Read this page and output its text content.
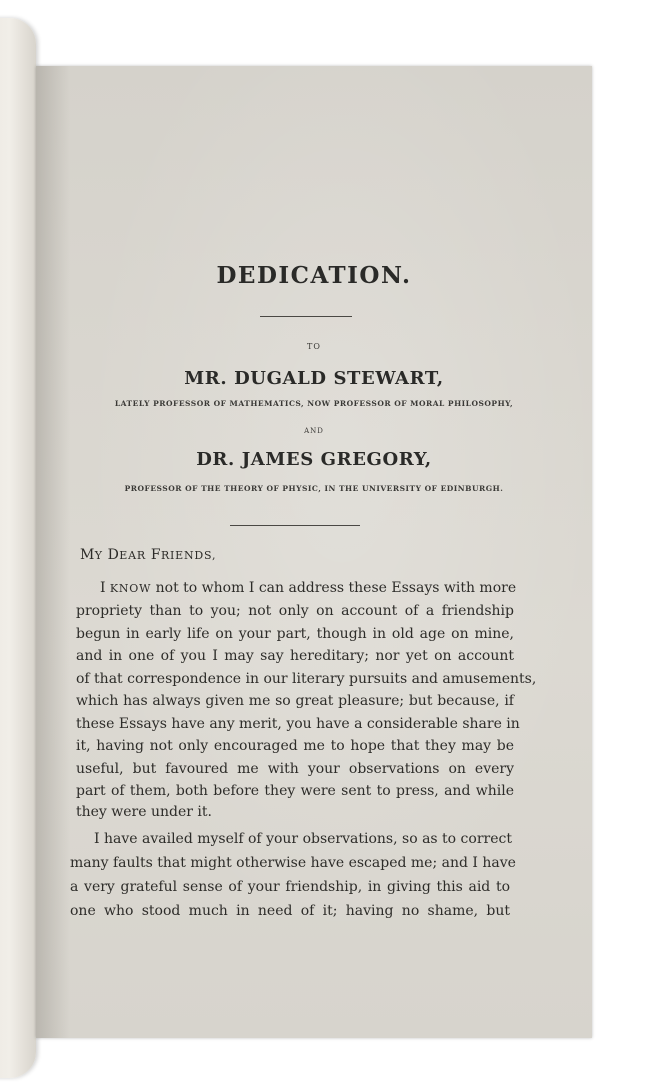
DEDICATION.
TO
MR. DUGALD STEWART,
LATELY PROFESSOR OF MATHEMATICS, NOW PROFESSOR OF MORAL PHILOSOPHY,
AND
DR. JAMES GREGORY,
PROFESSOR OF THE THEORY OF PHYSIC, IN THE UNIVERSITY OF EDINBURGH.
MY DEAR FRIENDS,
I KNOW not to whom I can address these Essays with more
propriety than to you; not only on account of a friendship
begun in early life on your part, though in old age on mine,
and in one of you I may say hereditary; nor yet on account
of that correspondence in our literary pursuits and amusements,
which has always given me so great pleasure; but because, if
these Essays have any merit, you have a considerable share in
it, having not only encouraged me to hope that they may be
useful, but favoured me with your observations on every
part of them, both before they were sent to press, and while
they were under it.
I have availed myself of your observations, so as to correct
many faults that might otherwise have escaped me; and I have
a very grateful sense of your friendship, in giving this aid to
one who stood much in need of it; having no shame, but
